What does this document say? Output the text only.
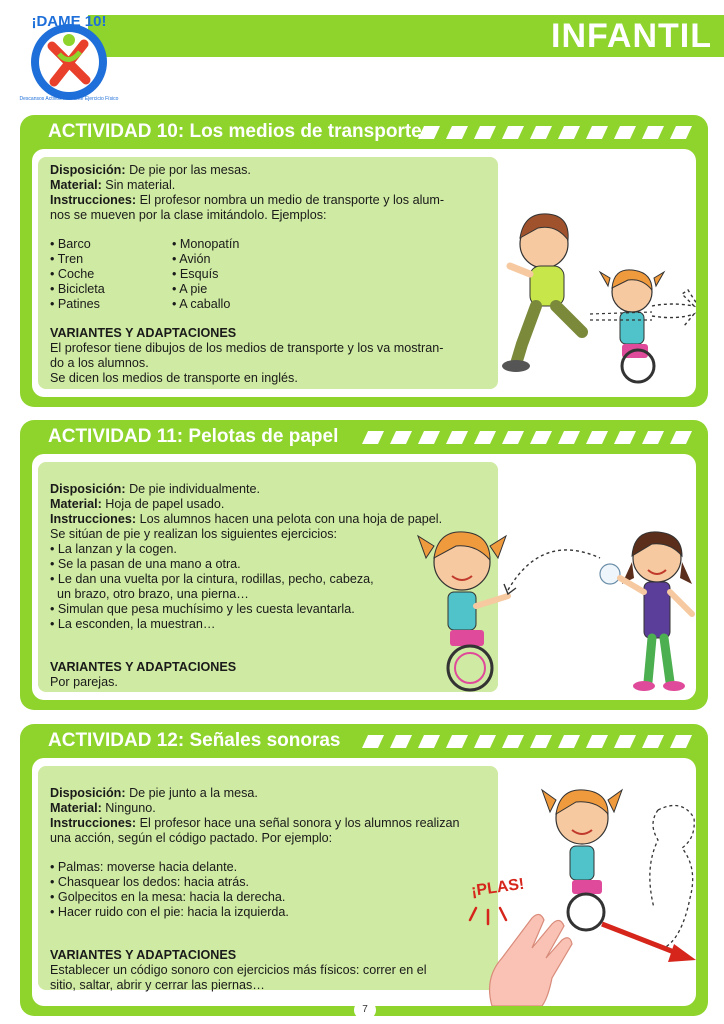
INFANTIL
¡DAME 10!
Descansos Activos Mediante Ejercicio Físico
ACTIVIDAD 10: Los medios de transporte

Disposición: De pie por las mesas.

Material: Sin material.

Instrucciones: El profesor nombra un medio de transporte y los alum-

nos se mueven por la clase imitándolo. Ejemplos:

• Barco

• Tren

• Coche

• Bicicleta

• Patines

• Monopatín

• Avión

• Esquís

• A pie

• A caballo

VARIANTES Y ADAPTACIONES

El profesor tiene dibujos de los medios de transporte y los va mostran-

do a los alumnos.

Se dicen los medios de transporte en inglés.

ACTIVIDAD 11: Pelotas de papel

Disposición: De pie individualmente.

Material: Hoja de papel usado.

Instrucciones: Los alumnos hacen una pelota con una hoja de papel.

Se sitúan de pie y realizan los siguientes ejercicios:

• La lanzan y la cogen.

• Se la pasan de una mano a otra.

• Le dan una vuelta por la cintura, rodillas, pecho, cabeza,

un brazo, otro brazo, una pierna…

• Simulan que pesa muchísimo y les cuesta levantarla.

• La esconden, la muestran…

VARIANTES Y ADAPTACIONES

Por parejas.

ACTIVIDAD 12: Señales sonoras

Disposición: De pie junto a la mesa.

Material: Ninguno.

Instrucciones: El profesor hace una señal sonora y los alumnos realizan

una acción, según el código pactado. Por ejemplo:

• Palmas: moverse hacia delante.

• Chasquear los dedos: hacia atrás.

• Golpecitos en la mesa: hacia la derecha.

• Hacer ruido con el pie: hacia la izquierda.

VARIANTES Y ADAPTACIONES

Establecer un código sonoro con ejercicios más físicos: correr en el

sitio, saltar, abrir y cerrar las piernas…

¡PLAS!
7
